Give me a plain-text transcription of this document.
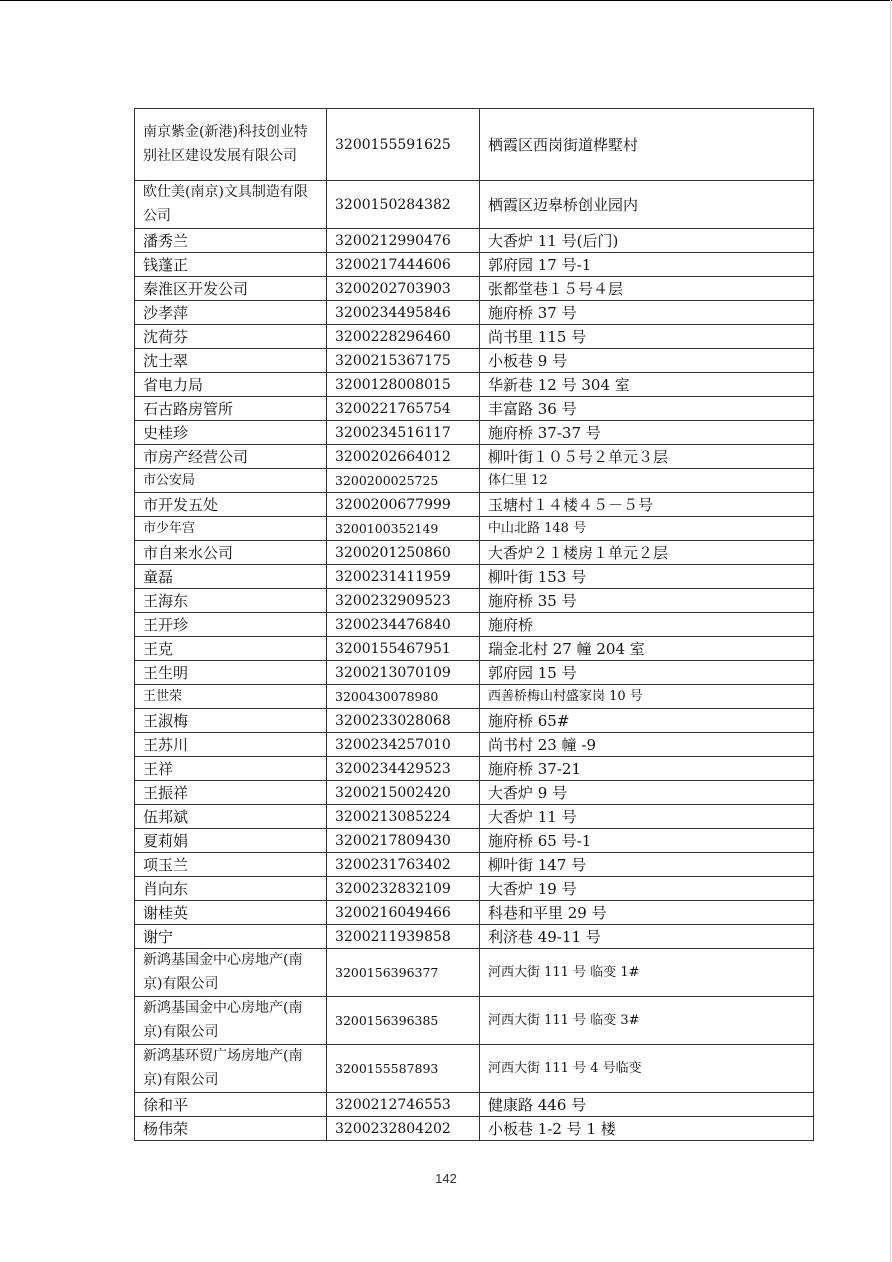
南京紫金(新港)科技创业特别社区建设发展有限公司	3200155591625	栖霞区西岗街道桦墅村
欧仕美(南京)文具制造有限公司	3200150284382	栖霞区迈皋桥创业园内
潘秀兰	3200212990476	大香炉 11 号(后门)
钱蓬正	3200217444606	郭府园 17 号-1
秦淮区开发公司	3200202703903	张都堂巷１５号４层
沙孝萍	3200234495846	施府桥 37 号
沈荷芬	3200228296460	尚书里 115 号
沈士翠	3200215367175	小板巷 9 号
省电力局	3200128008015	华新巷 12 号 304 室
石古路房管所	3200221765754	丰富路 36 号
史桂珍	3200234516117	施府桥 37-37 号
市房产经营公司	3200202664012	柳叶街１０５号２单元３层
市公安局	3200200025725	体仁里 12
市开发五处	3200200677999	玉塘村１４楼４５－５号
市少年宫	3200100352149	中山北路 148 号
市自来水公司	3200201250860	大香炉２１楼房１单元２层
童磊	3200231411959	柳叶街 153 号
王海东	3200232909523	施府桥 35 号
王开珍	3200234476840	施府桥
王克	3200155467951	瑞金北村 27 幢 204 室
王生明	3200213070109	郭府园 15 号
王世荣	3200430078980	西善桥梅山村盛家岗 10 号
王淑梅	3200233028068	施府桥 65#
王苏川	3200234257010	尚书村 23 幢 -9
王祥	3200234429523	施府桥 37-21
王振祥	3200215002420	大香炉 9 号
伍邦斌	3200213085224	大香炉 11 号
夏莉娟	3200217809430	施府桥 65 号-1
项玉兰	3200231763402	柳叶街 147 号
肖向东	3200232832109	大香炉 19 号
谢桂英	3200216049466	科巷和平里 29 号
谢宁	3200211939858	利济巷 49-11 号
新鸿基国金中心房地产(南京)有限公司	3200156396377	河西大街 111 号 临变 1#
新鸿基国金中心房地产(南京)有限公司	3200156396385	河西大街 111 号 临变 3#
新鸿基环贸广场房地产(南京)有限公司	3200155587893	河西大街 111 号 4 号临变
徐和平	3200212746553	健康路 446 号
杨伟荣	3200232804202	小板巷 1-2 号 1 楼
142
